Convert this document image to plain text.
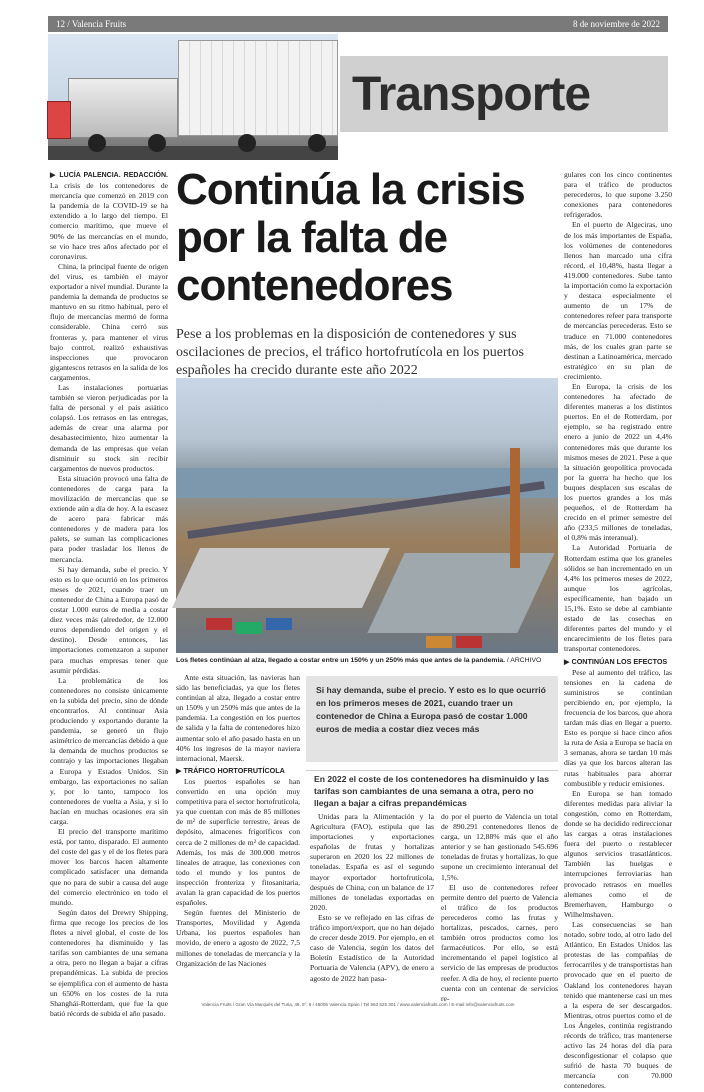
12 / Valencia Fruits	8 de noviembre de 2022
Transporte
▶ LUCÍA PALENCIA. REDACCIÓN.

La crisis de los contenedores de mercancía que comenzó en 2019 con la pandemia de la COVID-19 se ha extendido a lo largo del tiempo. El comercio marítimo, que mueve el 90% de las mercancías en el mundo, se vio hace tres años afectado por el coronavirus.

China, la principal fuente de origen del virus, es también el mayor exportador a nivel mundial. Durante la pandemia la demanda de productos se mantuvo en su ritmo habitual, pero el flujo de mercancías mermó de forma considerable. China cerró sus fronteras y, para mantener el virus bajo control, realizó exhaustivas inspecciones que provocaron gigantescos retrasos en la salida de los cargamentos.

Las instalaciones portuarias también se vieron perjudicadas por la falta de personal y el país asiático colapsó. Los retrasos en las entregas, además de crear una alarma por desabastecimiento, hizo aumentar la demanda de las empresas que veían disminuir su stock sin recibir cargamentos de nuevos productos.

Esta situación provocó una falta de contenedores de carga para la movilización de mercancías que se extiende aún a día de hoy. A la escasez de acero para fabricar más contenedores y de madera para los palets, se suman las complicaciones para poder trasladar los llenos de mercancía.

Si hay demanda, sube el precio. Y esto es lo que ocurrió en los primeros meses de 2021, cuando traer un contenedor de China a Europa pasó de costar 1.000 euros de media a costar diez veces más (alrededor, de 12.000 euros dependiendo del origen y el destino). Desde entonces, las importaciones comenzaron a suponer para muchas empresas tener que asumir pérdidas.

La problemática de los contenedores no consiste únicamente en la subida del precio, sino de dónde encontrarlos. Al continuar Asia produciendo y exportando durante la pandemia, se generó un flujo asimétrico de mercancías debido a que la demanda de muchos productos se contrajo y las importaciones llegaban a Europa y Estados Unidos. Sin embargo, las exportaciones no salían y, por lo tanto, tampoco los contenedores de vuelta a Asia, y si lo hacían en muchas ocasiones era sin carga.

El precio del transporte marítimo está, por tanto, disparado. El aumento del coste del gas y el de los fletes para mover los barcos hacen altamente complicado satisfacer una demanda que no para de subir a causa del auge del comercio electrónico en todo el mundo.

Según datos del Drewry Shipping, firma que recoge los precios de los fletes a nivel global, el coste de los contenedores ha disminuido y las tarifas son cambiantes de una semana a otra, pero no llegan a bajar a cifras prepandémicas. La subida de precios se ejemplifica con el aumento de hasta un 650% en los costes de la ruta Shanghái-Rotterdam, que fue la que batió récords de subida el año pasado.

Continúa la crisis por la falta de contenedores

Pese a los problemas en la disposición de contenedores y sus oscilaciones de precios, el tráfico hortofrutícola en los puertos españoles ha crecido durante este año 2022

Los fletes continúan al alza, llegado a costar entre un 150% y un 250% más que antes de la pandemia. / ARCHIVO

Ante esta situación, las navieras han sido las beneficiadas, ya que los fletes continúan al alza, llegado a costar entre un 150% y un 250% más que antes de la pandemia. La congestión en los puertos de salida y la falta de contenedores hizo aumentar solo el año pasado hasta en un 40% los ingresos de la mayor naviera internacional, Maersk.

▶ TRÁFICO HORTOFRUTÍCOLA

Los puertos españoles se han convertido en una opción muy competitiva para el sector hortofrutícola, ya que cuentan con más de 85 millones de m² de superficie terrestre, áreas de depósito, almacenes frigoríficos con cerca de 2 millones de m² de capacidad. Además, los más de 300.000 metros lineales de atraque, las conexiones con todo el mundo y los puntos de inspección fronteriza y fitosanitaria, avalan la gran capacidad de los puertos españoles.

Según fuentes del Ministerio de Transportes, Movilidad y Agenda Urbana, los puertos españoles han movido, de enero a agosto de 2022, 7,5 millones de toneladas de mercancía y la Organización de las Naciones

Si hay demanda, sube el precio. Y esto es lo que ocurrió en los primeros meses de 2021, cuando traer un contenedor de China a Europa pasó de costar 1.000 euros de media a costar diez veces más
En 2022 el coste de los contenedores ha disminuido y las tarifas son cambiantes de una semana a otra, pero no llegan a bajar a cifras prepandémicas

Unidas para la Alimentación y la Agricultura (FAO), estipula que las importaciones y exportaciones españolas de frutas y hortalizas superaron en 2020 los 22 millones de toneladas. España es así el segundo mayor exportador hortofrutícola, después de China, con un balance de 17 millones de toneladas exportadas en 2020.

Esto se ve reflejado en las cifras de tráfico import/export, que no han dejado de crecer desde 2019. Por ejemplo, en el caso de Valencia, según los datos del Boletín Estadístico de la Autoridad Portuaria de Valencia (APV), de enero a agosto de 2022 han pasa-

do por el puerto de Valencia un total de 890.291 contenedores llenos de carga, un 12,88% más que el año anterior y se han gestionado 545.696 toneladas de frutas y hortalizas, lo que supone un crecimiento interanual del 1,5%.

El uso de contenedores refeer permite dentro del puerto de Valencia el tráfico de los productos perecederos como las frutas y hortalizas, pescados, carnes, pero también otros productos como los farmacéuticos. Por ello, se está incrementando el papel logístico al servicio de las empresas de productos reefer. A día de hoy, el reciente puerto cuenta con un centenar de servicios re-

gulares con los cinco continentes para el tráfico de productos perecederos, lo que supone 3.250 conexiones para contenedores refrigerados.

En el puerto de Algeciras, uno de los más importantes de España, los volúmenes de contenedores llenos han marcado una cifra récord, el 10,48%, hasta llegar a 419.000 contenedores. Sube tanto la importación como la exportación y destaca especialmente el aumento de un 17% de contenedores refeer para transporte de mercancías perecederas. Esto se traduce en 71.000 contenedores más, de los cuales gran parte se destinan a Latinoamérica, mercado estratégico en su plan de crecimiento.

En Europa, la crisis de los contenedores ha afectado de diferentes maneras a los distintos puertos. En el de Rotterdam, por ejemplo, se ha registrado entre enero a junio de 2022 un 4,4% contenedores más que durante los mismos meses de 2021. Pese a que la situación geopolítica provocada por la guerra ha hecho que los buques desplacen sus escalas de los puertos grandes a los más pequeños, el de Rotterdam ha crecido en el primer semestre del año (233,5 millones de toneladas, el 0,8% más interanual).

La Autoridad Portuaria de Rotterdam estima que los graneles sólidos se han incrementado en un 4,4% los primeros meses de 2022, aunque los agrícolas, específicamente, han bajado un 15,1%. Esto se debe al cambiante estado de las cosechas en diferentes partes del mundo y el encarecimiento de los fletes para transportar contenedores.

▶ CONTINÚAN LOS EFECTOS

Pese al aumento del tráfico, las tensiones en la cadena de suministros se continúan percibiendo en, por ejemplo, la frecuencia de los barcos, que ahora tardan más días en llegar a puerto. Esto es porque si hace cinco años la ruta de Asia a Europa se hacía en 3 semanas, ahora se tardan 10 más días ya que los barcos alteran las rutas habituales para ahorrar combustible y reducir emisiones.

En Europa se han tomado diferentes medidas para aliviar la congestión, como en Rotterdam, donde se ha decidido redireccionar las cargas a otras instalaciones fuera del puerto o restablecer algunos servicios trasatlánticos. También las huelgas e interrupciones ferroviarias han provocado retrasos en muelles alemanes como el de Bremerhaven, Hamburgo o Wilhelmshaven.

Las consecuencias se han notado, sobre todo, al otro lado del Atlántico. En Estados Unidos las protestas de las compañías de ferrocarriles y de transportistas han provocado que en el puerto de Oakland los contenedores hayan tenido que mantenerse casi un mes a la espera de ser descargados. Mientras, otros puertos como el de Los Ángeles, continúa registrando récords de tráfico, tras mantenerse activo las 24 horas del día para desconfigestionar el colapso que sufrió de hasta 70 buques de mercancía con 70.000 contenedores.

Valencia Fruits / Gran Vía Marqués del Turia, 49, 5º, 6 / 46005 Valencia Spain / Tel 963 525 301 / www.valenciafruits.com / E-mail info@valenciafruits.com
